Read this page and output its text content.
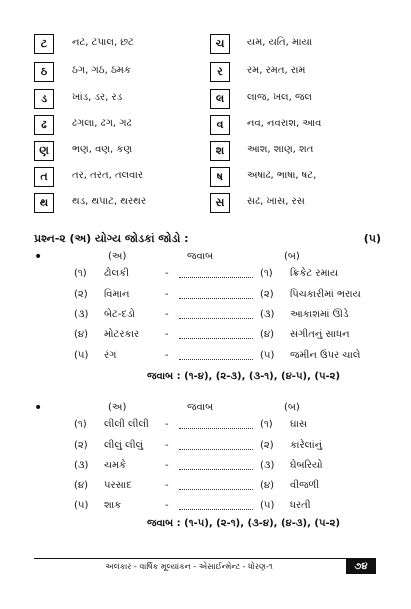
ટ	નટ, ટપાલ, છટ	ચ	યમ, યતિ, માયા
ઠ	ઠગ, ગઠ, ઠમક	ર	રમ, રમત, રામ
ડ	ખાંડ, ડર, રડ	લ	લાજ, ખલ, જલ
ઢ	ઢગલા, ઢગ, ગઢ	વ	નવ, નવરાશ, આવ
ણ	ભણ, વણ, કણ	શ	આશ, શાણ, શત
ત	તર, તરત, તલવાર	ષ	અષાઢ, ભાષા, ષટ,
થ	થડ, થપાટ, થરથર	સ	સઢ, ખાસ, રસ
પ્રશ્ન-૨ (અ) યોગ્ય જોડકાં જોડો :	(૫)
•	(અ)	જવાબ	(બ)
(૧) ઢોલકી	-	(૧) ક્રિકેટ રમાય
(૨) વિમાન	-	(૨) પિચકારીમાં ભરાય
(૩) બેટ-દડો	-	(૩) આકાશમાં ઊડે
(૪) મોટરકાર	-	(૪) સંગીતનું સાધન
(૫) રંગ	-	(૫) જમીન ઉપર ચાલે
જવાબ : (૧-૪), (૨-૩), (૩-૧), (૪-૫), (૫-૨)
•	(અ)	જવાબ	(બ)
(૧) લીલી લીલી -	(૧) ઘાસ
(૨) લીલું લીલું -	(૨) કારેલાંનું
(૩) ચમકે	-	(૩) ઘેબરિયો
(૪) પરસાદ	-	(૪) વીજળી
(૫) શાક	-	(૫) ધરતી
જવાબ : (૧-૫), (૨-૧), (૩-૪), (૪-૩), (૫-૨)
અલંકાર - વાર્ષિક મૂલ્યાંકન - એસાઈન્મેન્ટ - ધોરણ-૧	૭૪
